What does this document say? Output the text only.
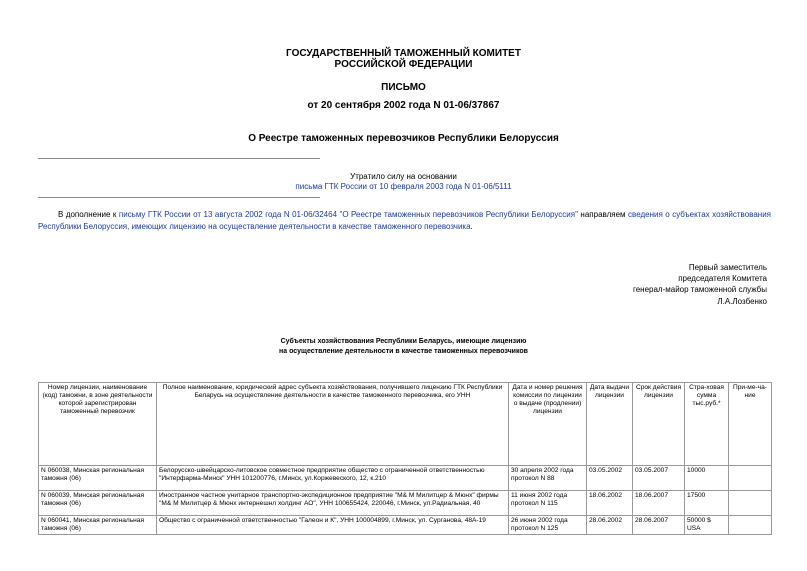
ГОСУДАРСТВЕННЫЙ ТАМОЖЕННЫЙ КОМИТЕТ
РОССИЙСКОЙ ФЕДЕРАЦИИ
ПИСЬМО
от 20 сентября 2002 года N 01-06/37867
О Реестре таможенных перевозчиков Республики Белоруссия
Утратило силу на основании
письма ГТК России от 10 февраля 2003 года N 01-06/5111
В дополнение к письму ГТК России от 13 августа 2002 года N 01-06/32464 "О Реестре таможенных перевозчиков Республики Белоруссия" направляем сведения о субъектах хозяйствования Республики Белоруссия, имеющих лицензию на осуществление деятельности в качестве таможенного перевозчика.
Первый заместитель
председателя Комитета
генерал-майор таможенной службы
Л.А.Лозбенко
Субъекты хозяйствования Республики Беларусь, имеющие лицензию
на осуществление деятельности в качестве таможенных перевозчиков
Номер лицензии, наименование (код) таможни, в зоне деятельности которой зарегистрирован таможенный перевозчик	Полное наименование, юридический адрес субъекта хозяйствования, получившего лицензию ГТК Республики Беларусь на осуществление деятельности в качестве таможенного перевозчика, его УНН	Дата и номер решения комиссии по лицензии о выдаче (продлении) лицензии	Дата выдачи лицензии	Срок действия лицензии	Стра-ховая сумма тыс.руб.*	При-ме-ча-ние
N 060038, Минская региональная таможня (06)	Белорусско-швейцарско-литовское совместное предприятие общество с ограниченной ответственностью "Интерфарма-Минск" УНН 101200776, г.Минск, ул.Коржевеского, 12, к.210	30 апреля 2002 года протокол N 88	03.05.2002	03.05.2007	10000	
N 060039, Минская региональная таможня (06)	Иностранное частное унитарное транспортно-экспедиционное предприятие "М& М Милитцер & Мюнх" фирмы "М& М Милитцер & Мюнх интернешнл холдинг АО", УНН 100655424, 220046, г.Минск, ул.Радиальная, 40	11 июня 2002 года протокол N 115	18.06.2002	18.06.2007	17500	
N 060041, Минская региональная таможня (06)	Общество с ограниченной ответственностью "Галеон и К", УНН 100004899, г.Минск, ул. Сурганова, 48А-19	26 июня 2002 года протокол N 125	28.06.2002	28.06.2007	50000 $ USA	
